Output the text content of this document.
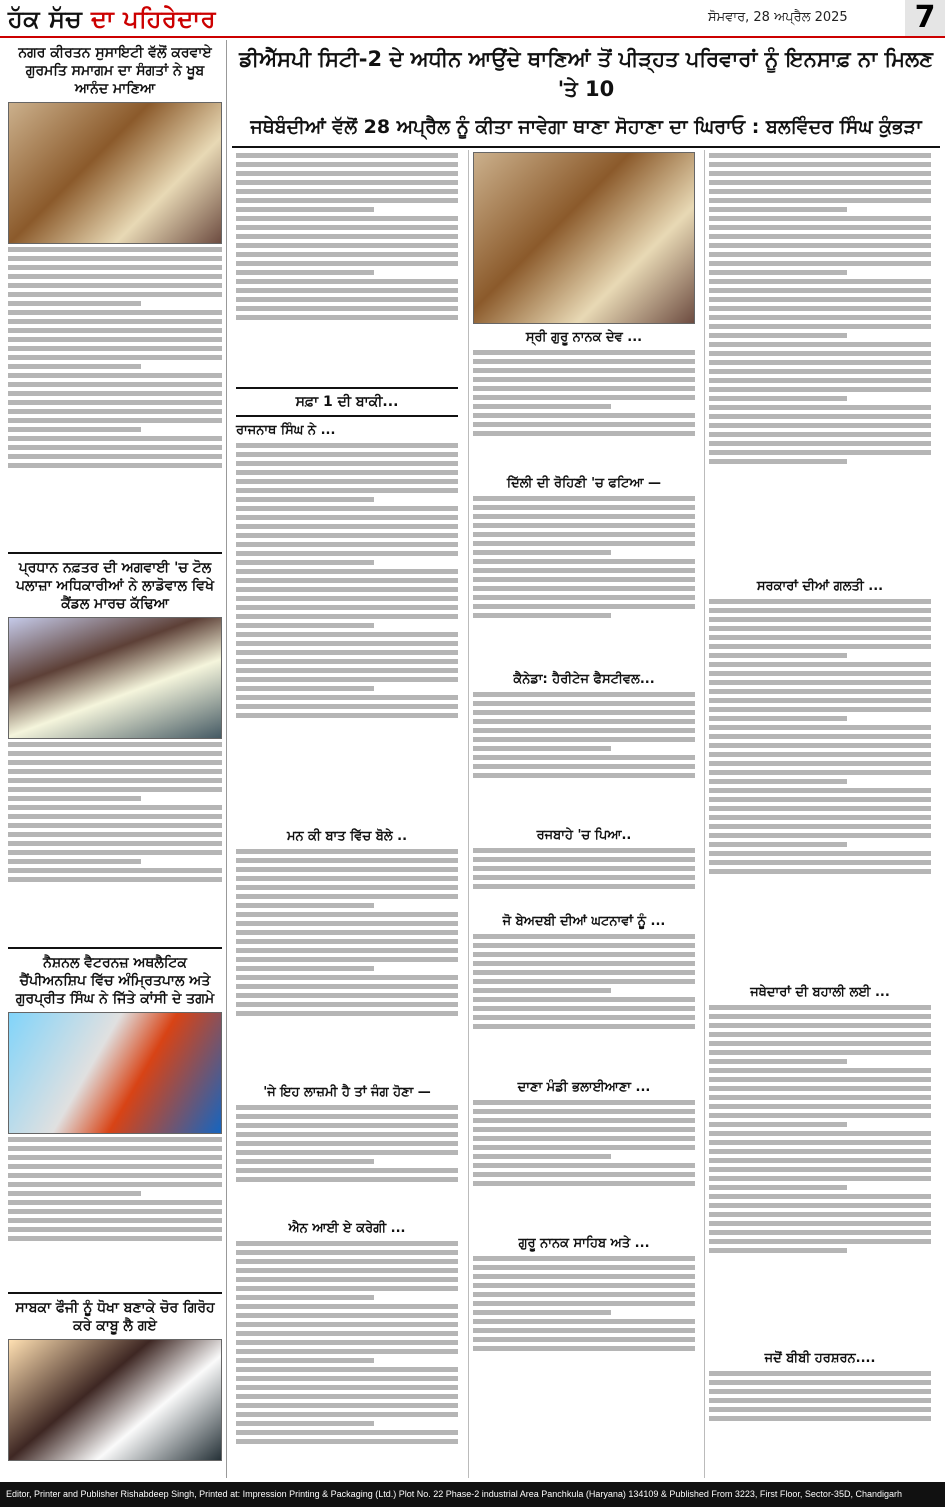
ਹੱਕ ਸੱਚ ਦਾ ਪਹਿਰੇਦਾਰ	ਸੋਮਵਾਰ, 28 ਅਪ੍ਰੈਲ 2025	7
ਨਗਰ ਕੀਰਤਨ ਸੁਸਾਇਟੀ ਵੱਲੋਂ ਕਰਵਾਏ ਗੁਰਮਤਿ ਸਮਾਗਮ ਦਾ ਸੰਗਤਾਂ ਨੇ ਖੂਬ ਆਨੰਦ ਮਾਣਿਆ
ਪ੍ਰਧਾਨ ਨਫ਼ਤਰ ਦੀ ਅਗਵਾਈ 'ਚ ਟੋਲ ਪਲਾਜ਼ਾ ਅਧਿਕਾਰੀਆਂ ਨੇ ਲਾਡੋਵਾਲ ਵਿਖੇ ਕੈਂਡਲ ਮਾਰਚ ਕੱਢਿਆ
ਨੈਸ਼ਨਲ ਵੈਟਰਨਜ਼ ਅਥਲੈਟਿਕ ਚੈਂਪੀਅਨਸ਼ਿਪ ਵਿੱਚ ਅੰਮ੍ਰਿਤਪਾਲ ਅਤੇ ਗੁਰਪ੍ਰੀਤ ਸਿੰਘ ਨੇ ਜਿੱਤੇ ਕਾਂਸੀ ਦੇ ਤਗਮੇ
ਸਾਬਕਾ ਫੌਜੀ ਨੂੰ ਧੋਖਾ ਬਣਾਕੇ ਚੋਰ ਗਿਰੋਹ ਕਰੇ ਕਾਬੂ ਲੈ ਗਏ
ਡੀਐੱਸਪੀ ਸਿਟੀ-2 ਦੇ ਅਧੀਨ ਆਉਂਦੇ ਥਾਣਿਆਂ ਤੋਂ ਪੀੜ੍ਹਤ ਪਰਿਵਾਰਾਂ ਨੂੰ ਇਨਸਾਫ਼ ਨਾ ਮਿਲਣ 'ਤੇ 10
ਜਥੇਬੰਦੀਆਂ ਵੱਲੋਂ 28 ਅਪ੍ਰੈਲ ਨੂੰ ਕੀਤਾ ਜਾਵੇਗਾ ਥਾਣਾ ਸੋਹਾਣਾ ਦਾ ਘਿਰਾਓ : ਬਲਵਿੰਦਰ ਸਿੰਘ ਕੁੰਭੜਾ
ਸਫ਼ਾ 1 ਦੀ ਬਾਕੀ...
ਰਾਜਨਾਥ ਸਿੰਘ ਨੇ ...
ਮਨ ਕੀ ਬਾਤ ਵਿੱਚ ਬੋਲੇ ..
'ਜੇ ਇਹ ਲਾਜ਼ਮੀ ਹੈ ਤਾਂ ਜੰਗ ਹੋਣਾ —
ਐਨ ਆਈ ਏ ਕਰੇਗੀ ...
ਸ੍ਰੀ ਗੁਰੂ ਨਾਨਕ ਦੇਵ ...
ਦਿੱਲੀ ਦੀ ਰੋਹਿਣੀ 'ਚ ਫਟਿਆ —
ਕੈਨੇਡਾ: ਹੈਰੀਟੇਜ ਫੈਸਟੀਵਲ...
ਰਜਬਾਹੇ 'ਚ ਪਿਆ..
ਜੋ ਬੇਅਦਬੀ ਦੀਆਂ ਘਟਨਾਵਾਂ ਨੂੰ ...
ਦਾਣਾ ਮੰਡੀ ਭਲਾਈਆਣਾ ...
ਗੁਰੂ ਨਾਨਕ ਸਾਹਿਬ ਅਤੇ ...
ਸਰਕਾਰਾਂ ਦੀਆਂ ਗਲਤੀ ...
ਜਥੇਦਾਰਾਂ ਦੀ ਬਹਾਲੀ ਲਈ ...
ਜਦੋਂ ਬੀਬੀ ਹਰਸ਼ਰਨ....
Editor, Printer and Publisher Rishabdeep Singh, Printed at: Impression Printing & Packaging (Ltd.) Plot No. 22 Phase-2 industrial Area Panchkula (Haryana) 134109 & Published From 3223, First Floor, Sector-35D, Chandigarh
